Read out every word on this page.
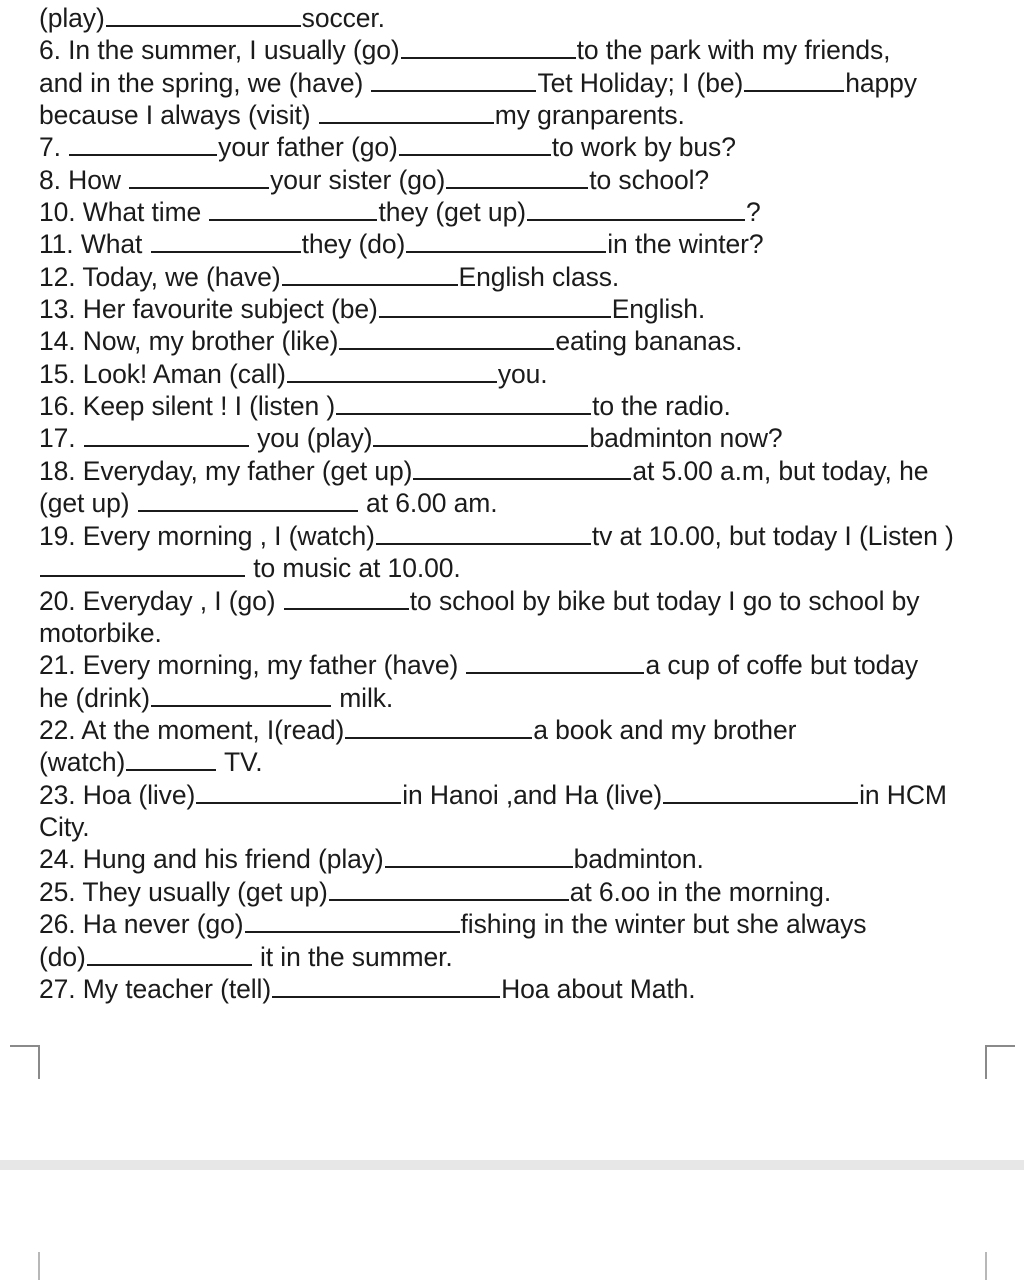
(play)	soccer.
6. In the summer, I usually (go)	to the park with my friends,
and in the spring, we (have)	Tet Holiday; I (be)	happy
because I always (visit)	my granparents.
7.	your father (go)	to work by bus?
8. How	your sister (go)	to school?
10. What time	they (get up)	?
11. What	they (do)	in the winter?
12. Today, we (have)	English class.
13. Her favourite subject (be)	English.
14. Now, my brother (like)	eating bananas.
15. Look! Aman (call)	you.
16. Keep silent ! I (listen )	to the radio.
17.	you (play)	badminton now?
18. Everyday, my father (get up)	at 5.00 a.m, but today, he
(get up)	at 6.00 am.
19. Every morning , I (watch)	tv at 10.00, but today I (Listen )
to music at 10.00.
20. Everyday , I (go)	to school by bike but today I go to school by
motorbike.
21. Every morning, my father (have)	a cup of coffe but today
he (drink)	milk.
22. At the moment, I(read)	a book and my brother
(watch)	TV.
23. Hoa (live)	in Hanoi ,and Ha (live)	in HCM
City.
24. Hung and his friend (play)	badminton.
25. They usually (get up)	at 6.oo in the morning.
26. Ha never (go)	fishing in the winter but she always
(do)	it in the summer.
27. My teacher (tell)	Hoa about Math.
